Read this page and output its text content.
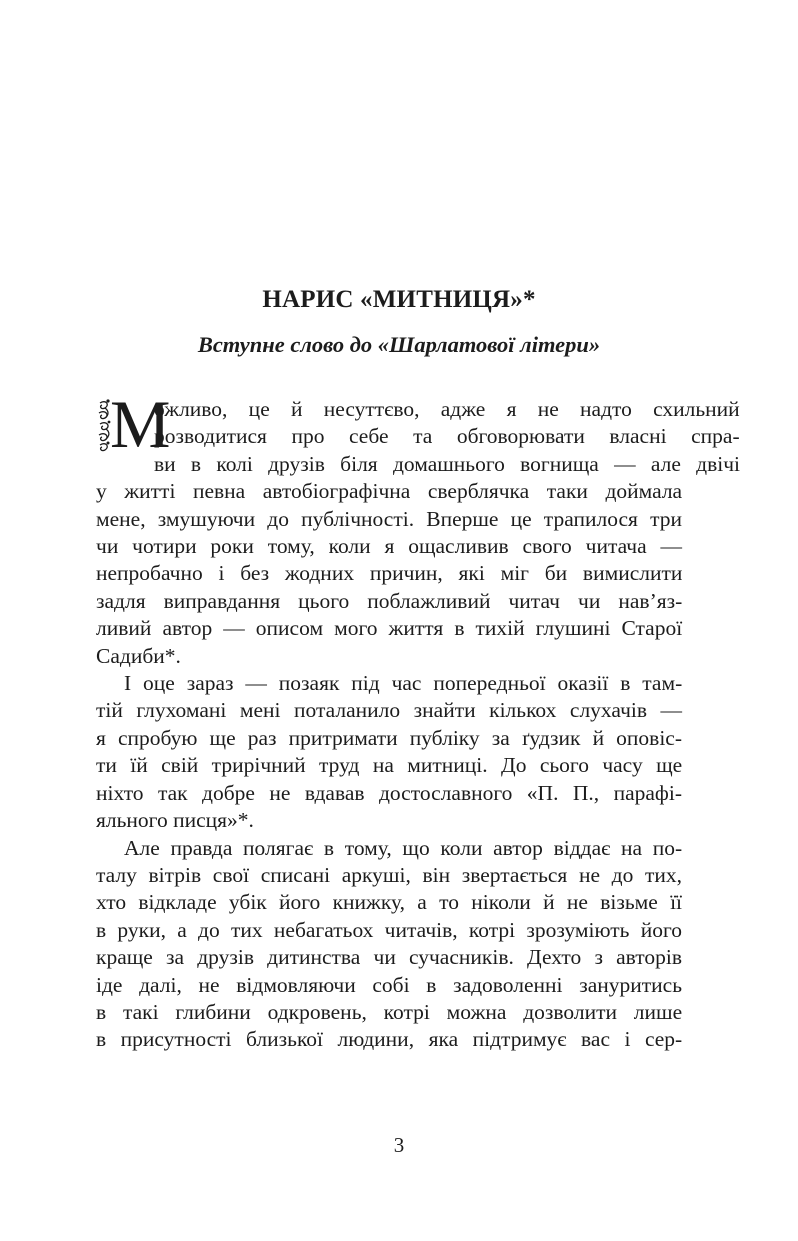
НАРИС «МИТНИЦЯ»*
Вступне слово до «Шарлатової літери»
М
ожливо, це й несуттєво, адже я не надто схильний
розводитися про себе та обговорювати власні спра-
ви в колі друзів біля домашнього вогнища — але двічі
у житті певна автобіографічна сверблячка таки доймала
мене, змушуючи до публічності. Вперше це трапилося три
чи чотири роки тому, коли я ощасливив свого читача —
непробачно і без жодних причин, які міг би вимислити
задля виправдання цього поблажливий читач чи нав’яз-
ливий автор — описом мого життя в тихій глушині Старої
Садиби*.
І оце зараз — позаяк під час попередньої оказії в там-
тій глухомані мені поталанило знайти кількох слухачів —
я спробую ще раз притримати публіку за ґудзик й оповіс-
ти їй свій трирічний труд на митниці. До сього часу ще
ніхто так добре не вдавав достославного «П. П., парафі-
яльного писця»*.
Але правда полягає в тому, що коли автор віддає на по-
талу вітрів свої списані аркуші, він звертається не до тих,
хто відкладе убік його книжку, а то ніколи й не візьме її
в руки, а до тих небагатьох читачів, котрі зрозуміють його
краще за друзів дитинства чи сучасників. Дехто з авторів
іде далі, не відмовляючи собі в задоволенні зануритись
в такі глибини одкровень, котрі можна дозволити лише
в присутності близької людини, яка підтримує вас і сер-
3
